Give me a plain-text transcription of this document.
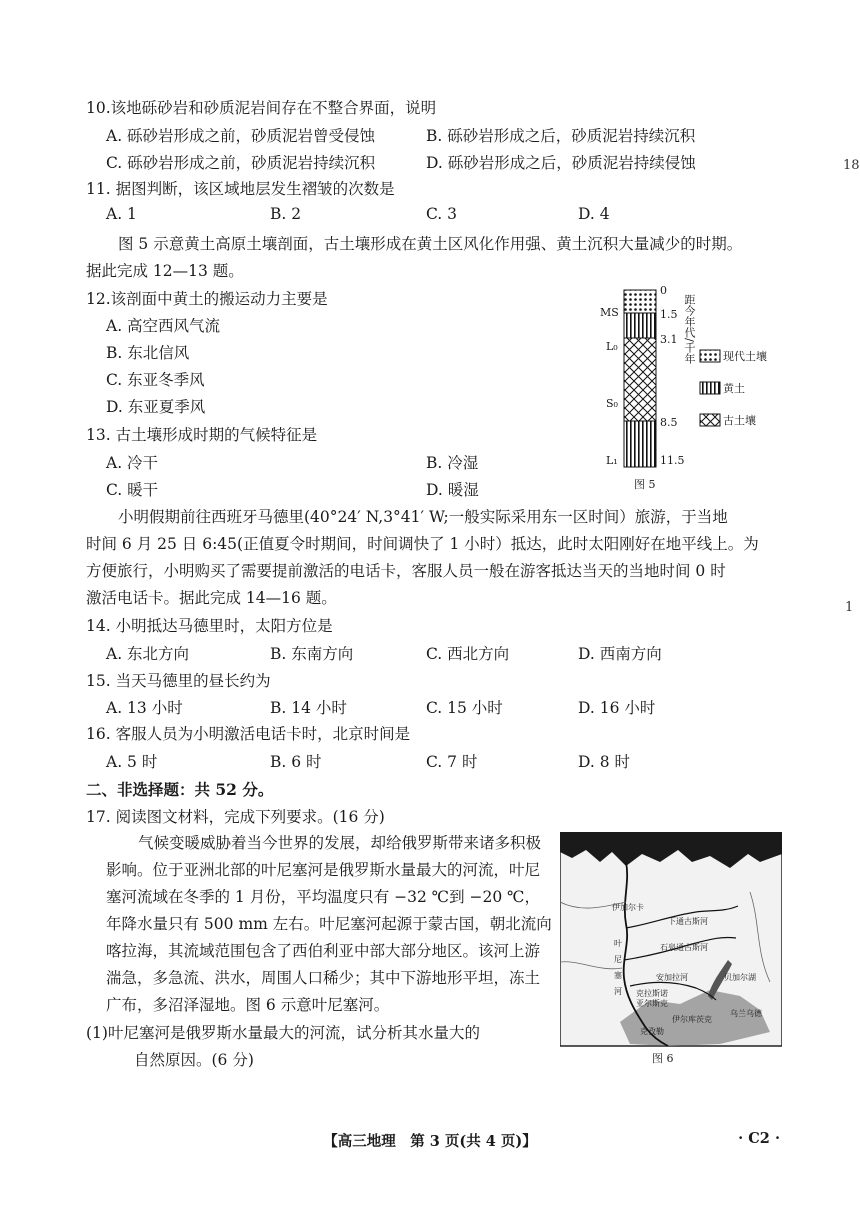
18
1
10.该地砾砂岩和砂质泥岩间存在不整合界面，说明
A. 砾砂岩形成之前，砂质泥岩曾受侵蚀	B. 砾砂岩形成之后，砂质泥岩持续沉积
C. 砾砂岩形成之前，砂质泥岩持续沉积	D. 砾砂岩形成之后，砂质泥岩持续侵蚀
11. 据图判断，该区域地层发生褶皱的次数是
A. 1	B. 2	C. 3	D. 4
图 5 示意黄土高原土壤剖面，古土壤形成在黄土区风化作用强、黄土沉积大量减少的时期。
据此完成 12—13 题。
12.该剖面中黄土的搬运动力主要是
A. 高空西风气流
B. 东北信风
C. 东亚冬季风
D. 东亚夏季风
13. 古土壤形成时期的气候特征是
A. 冷干	B. 冷湿
C. 暖干	D. 暖湿
MS
L₀
S₀
L₁
0
1.5
3.1
8.5
11.5
距今年代/千年 现代土壤
黄土
古土壤
图 5
小明假期前往西班牙马德里(40°24′ N,3°41′ W;一般实际采用东一区时间）旅游，于当地
时间 6 月 25 日 6:45(正值夏令时期间，时间调快了 1 小时）抵达，此时太阳刚好在地平线上。为
方便旅行，小明购买了需要提前激活的电话卡，客服人员一般在游客抵达当天的当地时间 0 时
激活电话卡。据此完成 14—16 题。
14. 小明抵达马德里时，太阳方位是
A. 东北方向	B. 东南方向	C. 西北方向	D. 西南方向
15. 当天马德里的昼长约为
A. 13 小时	B. 14 小时	C. 15 小时	D. 16 小时
16. 客服人员为小明激活电话卡时，北京时间是
A. 5 时	B. 6 时	C. 7 时	D. 8 时
二、非选择题：共 52 分。
17. 阅读图文材料，完成下列要求。(16 分)
气候变暖威胁着当今世界的发展，却给俄罗斯带来诸多积极影响。位于亚洲北部的叶尼塞河是俄罗斯水量最大的河流，叶尼塞河流域在冬季的 1 月份，平均温度只有 −32 ℃到 −20 ℃，年降水量只有 500 mm 左右。叶尼塞河起源于蒙古国，朝北流向喀拉海，其流域范围包含了西伯利亚中部大部分地区。该河上游湍急，多急流、洪水，周围人口稀少；其中下游地形平坦，冻土广布，多沼泽湿地。图 6 示意叶尼塞河。
(1)叶尼塞河是俄罗斯水量最大的河流，试分析其水量大的
自然原因。(6 分)
伊加尔卡
下通古斯河
石泉通古斯河
叶
尼
塞
河
安加拉河
克拉斯诺
亚尔斯克
伊尔库茨克
贝加尔湖
乌兰乌德
克孜勒
图 6
【高三地理　第 3 页(共 4 页)】	· C2 ·
